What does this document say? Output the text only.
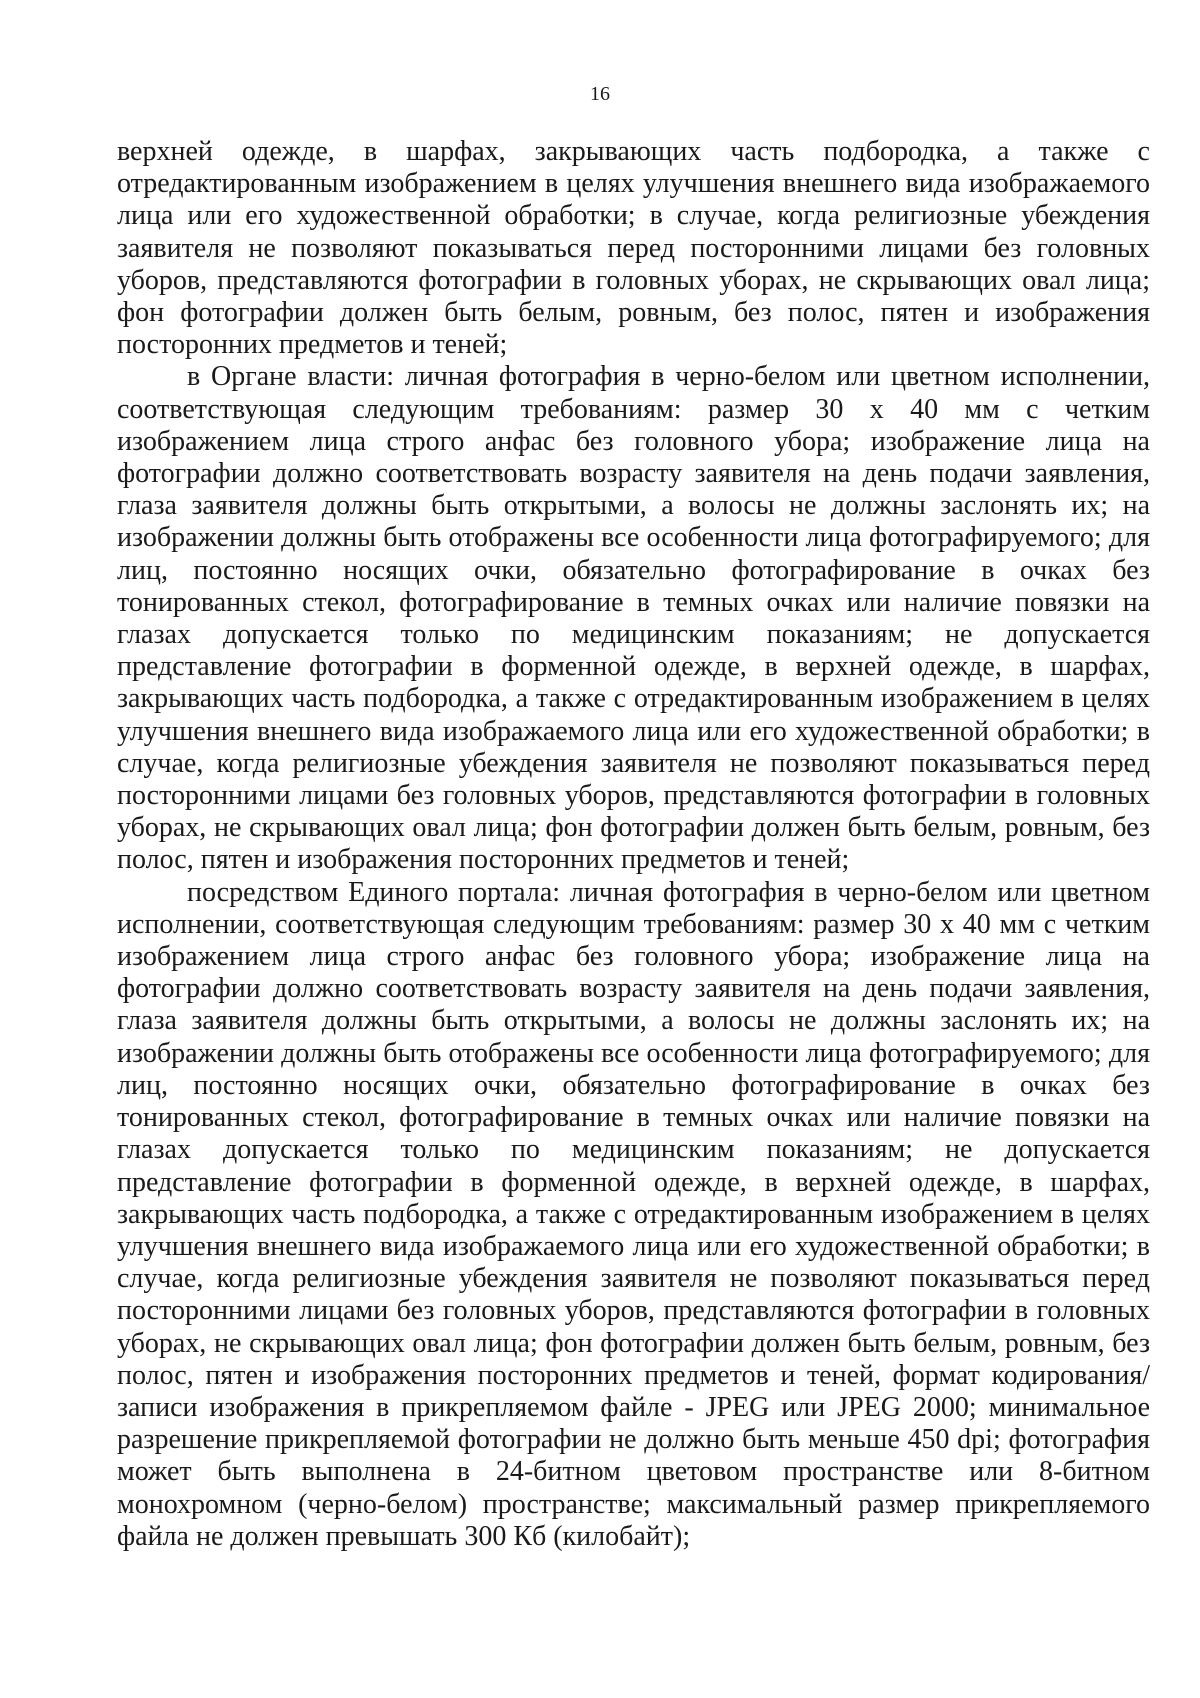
16

верхней одежде, в шарфах, закрывающих часть подбородка, а также с отредактированным изображением в целях улучшения внешнего вида изображаемого лица или его художественной обработки; в случае, когда религиозные убеждения заявителя не позволяют показываться перед посторонними лицами без головных уборов, представляются фотографии в головных уборах, не скрывающих овал лица; фон фотографии должен быть белым, ровным, без полос, пятен и изображения посторонних предметов и теней;

в Органе власти: личная фотография в черно-белом или цветном исполнении, соответствующая следующим требованиям: размер 30 х 40 мм с четким изображением лица строго анфас без головного убора; изображение лица на фотографии должно соответствовать возрасту заявителя на день подачи заявления, глаза заявителя должны быть открытыми, а волосы не должны заслонять их; на изображении должны быть отображены все особенности лица фотографируемого; для лиц, постоянно носящих очки, обязательно фотографирование в очках без тонированных стекол, фотографирование в темных очках или наличие повязки на глазах допускается только по медицинским показаниям; не допускается представление фотографии в форменной одежде, в верхней одежде, в шарфах, закрывающих часть подбородка, а также с отредактированным изображением в целях улучшения внешнего вида изображаемого лица или его художественной обработки; в случае, когда религиозные убеждения заявителя не позволяют показываться перед посторонними лицами без головных уборов, представляются фотографии в головных уборах, не скрывающих овал лица; фон фотографии должен быть белым, ровным, без полос, пятен и изображения посторонних предметов и теней;

посредством Единого портала: личная фотография в черно-белом или цветном исполнении, соответствующая следующим требованиям: размер 30 х 40 мм с четким изображением лица строго анфас без головного убора; изображение лица на фотографии должно соответствовать возрасту заявителя на день подачи заявления, глаза заявителя должны быть открытыми, а волосы не должны заслонять их; на изображении должны быть отображены все особенности лица фотографируемого; для лиц, постоянно носящих очки, обязательно фотографирование в очках без тонированных стекол, фотографирование в темных очках или наличие повязки на глазах допускается только по медицинским показаниям; не допускается представление фотографии в форменной одежде, в верхней одежде, в шарфах, закрывающих часть подбородка, а также с отредактированным изображением в целях улучшения внешнего вида изображаемого лица или его художественной обработки; в случае, когда религиозные убеждения заявителя не позволяют показываться перед посторонними лицами без головных уборов, представляются фотографии в головных уборах, не скрывающих овал лица; фон фотографии должен быть белым, ровным, без полос, пятен и изображения посторонних предметов и теней, формат кодирования/записи изображения в прикрепляемом файле - JPEG или JPEG 2000; минимальное разрешение прикрепляемой фотографии не должно быть меньше 450 dpi; фотография может быть выполнена в 24-битном цветовом пространстве или 8-битном монохромном (черно-белом) пространстве; максимальный размер прикрепляемого файла не должен превышать 300 Кб (килобайт);
